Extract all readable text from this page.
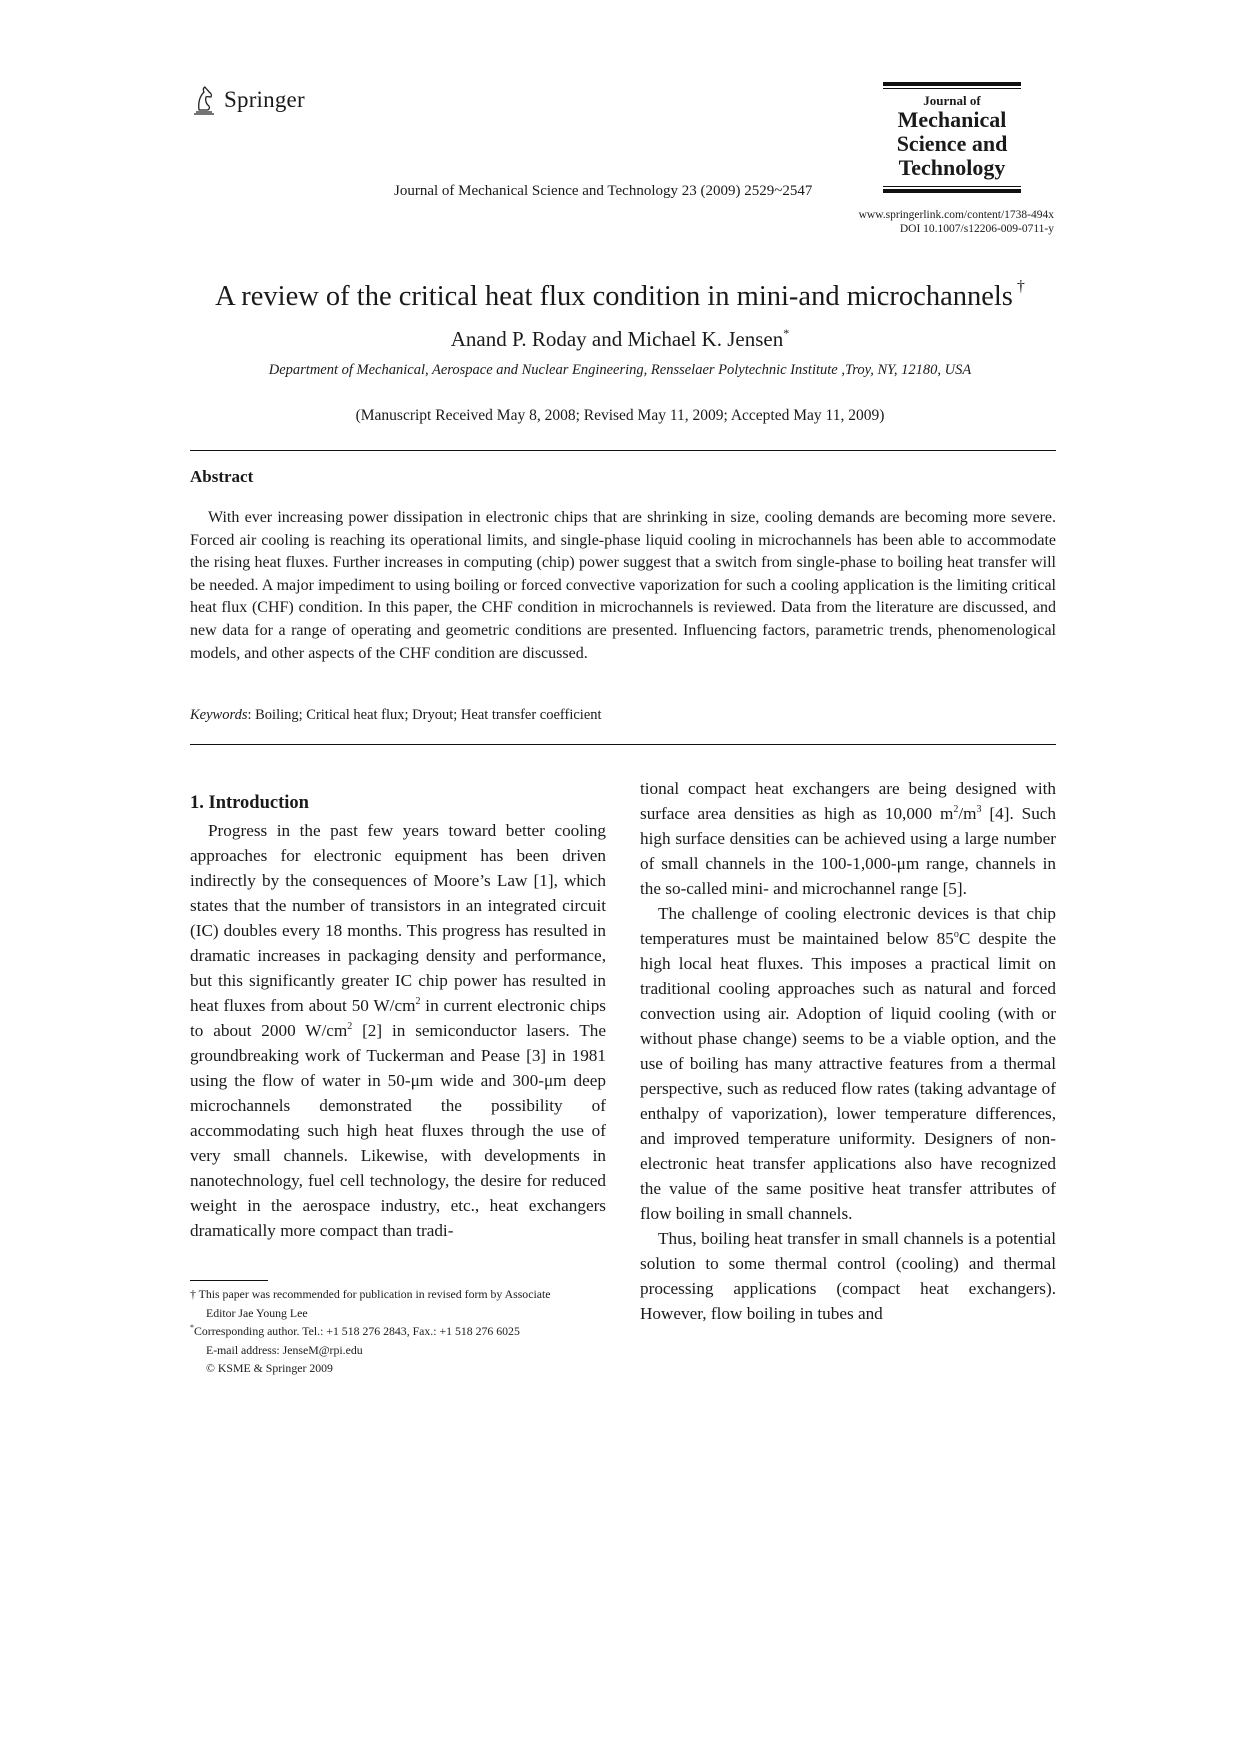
Springer	Journal of
Mechanical
Science and
Technology
Journal of Mechanical Science and Technology 23 (2009) 2529~2547
www.springerlink.com/content/1738-494x
DOI 10.1007/s12206-009-0711-y
A review of the critical heat flux condition in mini-and microchannels †
Anand P. Roday and Michael K. Jensen*
Department of Mechanical, Aerospace and Nuclear Engineering, Rensselaer Polytechnic Institute ,Troy, NY, 12180, USA
(Manuscript Received May 8, 2008; Revised May 11, 2009; Accepted May 11, 2009)
Abstract
With ever increasing power dissipation in electronic chips that are shrinking in size, cooling demands are becoming more severe. Forced air cooling is reaching its operational limits, and single-phase liquid cooling in microchannels has been able to accommodate the rising heat fluxes. Further increases in computing (chip) power suggest that a switch from single-phase to boiling heat transfer will be needed. A major impediment to using boiling or forced convective vaporization for such a cooling application is the limiting critical heat flux (CHF) condition. In this paper, the CHF condition in microchannels is reviewed. Data from the literature are discussed, and new data for a range of operating and geometric conditions are presented. Influencing factors, parametric trends, phenomenological models, and other aspects of the CHF condition are discussed.
Keywords: Boiling; Critical heat flux; Dryout; Heat transfer coefficient
1. Introduction

Progress in the past few years toward better cooling approaches for electronic equipment has been driven indirectly by the consequences of Moore’s Law [1], which states that the number of transistors in an integrated circuit (IC) doubles every 18 months. This progress has resulted in dramatic increases in packaging density and performance, but this significantly greater IC chip power has resulted in heat fluxes from about 50 $W/cm^2$ in current electronic chips to about 2000 $W/cm^2$ [2] in semiconductor lasers. The groundbreaking work of Tuckerman and Pease [3] in 1981 using the flow of water in 50-μm wide and 300-μm deep microchannels demonstrated the possibility of accommodating such high heat fluxes through the use of very small channels. Likewise, with developments in nanotechnology, fuel cell technology, the desire for reduced weight in the aerospace industry, etc., heat exchangers dramatically more compact than tradi-

† This paper was recommended for publication in revised form by Associate
Editor Jae Young Lee
*Corresponding author. Tel.: +1 518 276 2843, Fax.: +1 518 276 6025
E-mail address: JenseM@rpi.edu
© KSME & Springer 2009

tional compact heat exchangers are being designed with surface area densities as high as 10,000 $m^2/m^3$ [4]. Such high surface densities can be achieved using a large number of small channels in the 100-1,000-μm range, channels in the so-called mini- and microchannel range [5].

The challenge of cooling electronic devices is that chip temperatures must be maintained below 85$^o$C despite the high local heat fluxes. This imposes a practical limit on traditional cooling approaches such as natural and forced convection using air. Adoption of liquid cooling (with or without phase change) seems to be a viable option, and the use of boiling has many attractive features from a thermal perspective, such as reduced flow rates (taking advantage of enthalpy of vaporization), lower temperature differences, and improved temperature uniformity. Designers of non-electronic heat transfer applications also have recognized the value of the same positive heat transfer attributes of flow boiling in small channels.

Thus, boiling heat transfer in small channels is a potential solution to some thermal control (cooling) and thermal processing applications (compact heat exchangers). However, flow boiling in tubes and
